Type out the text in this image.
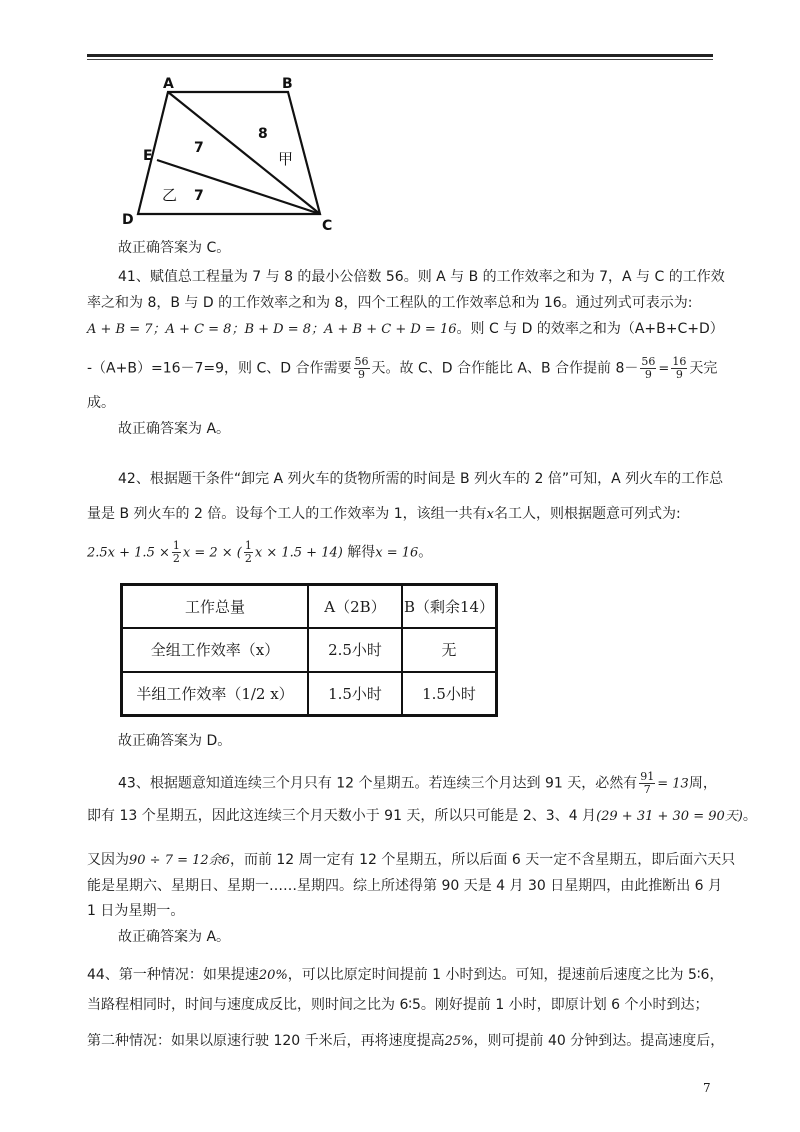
A	B
C
D
E	7
8
7
甲
乙
故正确答案为 C。
41、赋值总工程量为 7 与 8 的最小公倍数 56。则 A 与 B 的工作效率之和为 7，A 与 C 的工作效
率之和为 8，B 与 D 的工作效率之和为 8，四个工程队的工作效率总和为 16。通过列式可表示为:
A + B = 7；A + C = 8；B + D = 8；A + B + C + D = 16。则 C 与 D 的效率之和为（A+B+C+D）
-（A+B）=16－7=9，则 C、D 合作需要 $\frac{56}{9}$ 天。故 C、D 合作能比 A、B 合作提前 $8- \frac{56}{9} = \frac{16}{9}$ 天完
成。
故正确答案为 A。
42、根据题干条件“卸完 A 列火车的货物所需的时间是 B 列火车的 2 倍”可知，A 列火车的工作总
量是 B 列火车的 2 倍。设每个工人的工作效率为 1，该组一共有x名工人，则根据题意可列式为:
$2.5x + 1.5 \times \frac{1}{2}$ x = 2 × ( $\frac{1}{2}$ x × 1.5 + 14) 解得x = 16。
工作总量	A（2B）	B（剩余14）
全组工作效率（x）	2.5小时	无
半组工作效率（1/2 x）	1.5小时	1.5小时
故正确答案为 D。
43、根据题意知道连续三个月只有 12 个星期五。若连续三个月达到 91 天，必然有 $\frac{91}{7} = 13$周，
即有 13 个星期五，因此这连续三个月天数小于 91 天，所以只可能是 2、3、4 月(29 + 31 + 30 = 90天)。
又因为90 ÷ 7 = 12余6，而前 12 周一定有 12 个星期五，所以后面 6 天一定不含星期五，即后面六天只
能是星期六、星期日、星期一……星期四。综上所述得第 90 天是 4 月 30 日星期四，由此推断出 6 月
1 日为星期一。
故正确答案为 A。
44、第一种情况：如果提速20%，可以比原定时间提前 1 小时到达。可知，提速前后速度之比为 5∶6，
当路程相同时，时间与速度成反比，则时间之比为 6∶5。刚好提前 1 小时，即原计划 6 个小时到达；
第二种情况：如果以原速行驶 120 千米后，再将速度提高25%，则可提前 40 分钟到达。提高速度后，
7
